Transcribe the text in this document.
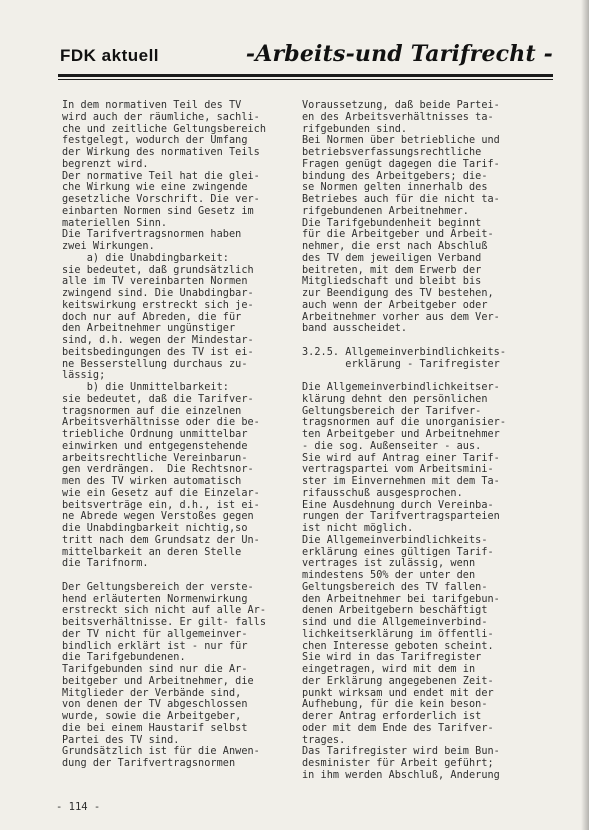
FDK aktuell	-Arbeits-und Tarifrecht -
In dem normativen Teil des TV
wird auch der räumliche, sachli-
che und zeitliche Geltungsbereich
festgelegt, wodurch der Umfang
der Wirkung des normativen Teils
begrenzt wird.
Der normative Teil hat die glei-
che Wirkung wie eine zwingende
gesetzliche Vorschrift. Die ver-
einbarten Normen sind Gesetz im
materiellen Sinn.
Die Tarifvertragsnormen haben
zwei Wirkungen.
a) die Unabdingbarkeit:
sie bedeutet, daß grundsätzlich
alle im TV vereinbarten Normen
zwingend sind. Die Unabdingbar-
keitswirkung erstreckt sich je-
doch nur auf Abreden, die für
den Arbeitnehmer ungünstiger
sind, d.h. wegen der Mindestar-
beitsbedingungen des TV ist ei-
ne Besserstellung durchaus zu-
lässig;
b) die Unmittelbarkeit:
sie bedeutet, daß die Tarifver-
tragsnormen auf die einzelnen
Arbeitsverhältnisse oder die be-
triebliche Ordnung unmittelbar
einwirken und entgegenstehende
arbeitsrechtliche Vereinbarun-
gen verdrängen.  Die Rechtsnor-
men des TV wirken automatisch
wie ein Gesetz auf die Einzelar-
beitsverträge ein, d.h., ist ei-
ne Abrede wegen Verstoßes gegen
die Unabdingbarkeit nichtig,so
tritt nach dem Grundsatz der Un-
mittelbarkeit an deren Stelle
die Tarifnorm.

Der Geltungsbereich der verste-
hend erläuterten Normenwirkung
erstreckt sich nicht auf alle Ar-
beitsverhältnisse. Er gilt- falls
der TV nicht für allgemeinver-
bindlich erklärt ist - nur für
die Tarifgebundenen.
Tarifgebunden sind nur die Ar-
beitgeber und Arbeitnehmer, die
Mitglieder der Verbände sind,
von denen der TV abgeschlossen
wurde, sowie die Arbeitgeber,
die bei einem Haustarif selbst
Partei des TV sind.
Grundsätzlich ist für die Anwen-
dung der Tarifvertragsnormen
Voraussetzung, daß beide Partei-
en des Arbeitsverhältnisses ta-
rifgebunden sind.
Bei Normen über betriebliche und
betriebsverfassungsrechtliche
Fragen genügt dagegen die Tarif-
bindung des Arbeitgebers; die-
se Normen gelten innerhalb des
Betriebes auch für die nicht ta-
rifgebundenen Arbeitnehmer.
Die Tarifgebundenheit beginnt
für die Arbeitgeber und Arbeit-
nehmer, die erst nach Abschluß
des TV dem jeweiligen Verband
beitreten, mit dem Erwerb der
Mitgliedschaft und bleibt bis
zur Beendigung des TV bestehen,
auch wenn der Arbeitgeber oder
Arbeitnehmer vorher aus dem Ver-
band ausscheidet.

3.2.5. Allgemeinverbindlichkeits-
erklärung - Tarifregister

Die Allgemeinverbindlichkeitser-
klärung dehnt den persönlichen
Geltungsbereich der Tarifver-
tragsnormen auf die unorganisier-
ten Arbeitgeber und Arbeitnehmer
- die sog. Außenseiter - aus.
Sie wird auf Antrag einer Tarif-
vertragspartei vom Arbeitsmini-
ster im Einvernehmen mit dem Ta-
rifausschuß ausgesprochen.
Eine Ausdehnung durch Vereinba-
rungen der Tarifvertragsparteien
ist nicht möglich.
Die Allgemeinverbindlichkeits-
erklärung eines gültigen Tarif-
vertrages ist zulässig, wenn
mindestens 50% der unter den
Geltungsbereich des TV fallen-
den Arbeitnehmer bei tarifgebun-
denen Arbeitgebern beschäftigt
sind und die Allgemeinverbind-
lichkeitserklärung im öffentli-
chen Interesse geboten scheint.
Sie wird in das Tarifregister
eingetragen, wird mit dem in
der Erklärung angegebenen Zeit-
punkt wirksam und endet mit der
Aufhebung, für die kein beson-
derer Antrag erforderlich ist
oder mit dem Ende des Tarifver-
trages.
Das Tarifregister wird beim Bun-
desminister für Arbeit geführt;
in ihm werden Abschluß, Änderung
- 114 -
